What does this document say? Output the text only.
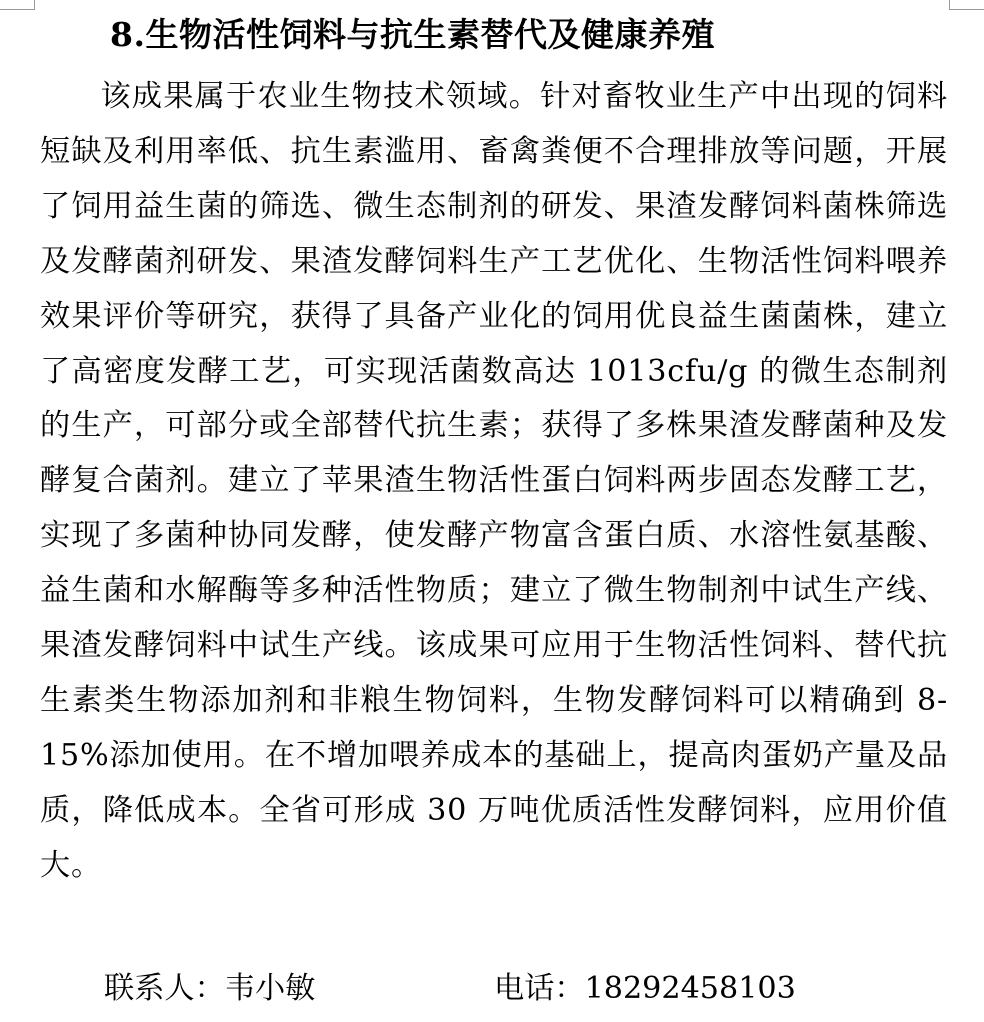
8.生物活性饲料与抗生素替代及健康养殖

该成果属于农业生物技术领域。针对畜牧业生产中出现的饲料短缺及利用率低、抗生素滥用、畜禽粪便不合理排放等问题，开展了饲用益生菌的筛选、微生态制剂的研发、果渣发酵饲料菌株筛选及发酵菌剂研发、果渣发酵饲料生产工艺优化、生物活性饲料喂养效果评价等研究，获得了具备产业化的饲用优良益生菌菌株，建立了高密度发酵工艺，可实现活菌数高达 1013cfu/g 的微生态制剂的生产，可部分或全部替代抗生素；获得了多株果渣发酵菌种及发酵复合菌剂。建立了苹果渣生物活性蛋白饲料两步固态发酵工艺，实现了多菌种协同发酵，使发酵产物富含蛋白质、水溶性氨基酸、益生菌和水解酶等多种活性物质；建立了微生物制剂中试生产线、果渣发酵饲料中试生产线。该成果可应用于生物活性饲料、替代抗生素类生物添加剂和非粮生物饲料，生物发酵饲料可以精确到 8-15%添加使用。在不增加喂养成本的基础上，提高肉蛋奶产量及品质，降低成本。全省可形成 30 万吨优质活性发酵饲料，应用价值大。

联系人：韦小敏	电话：18292458103
